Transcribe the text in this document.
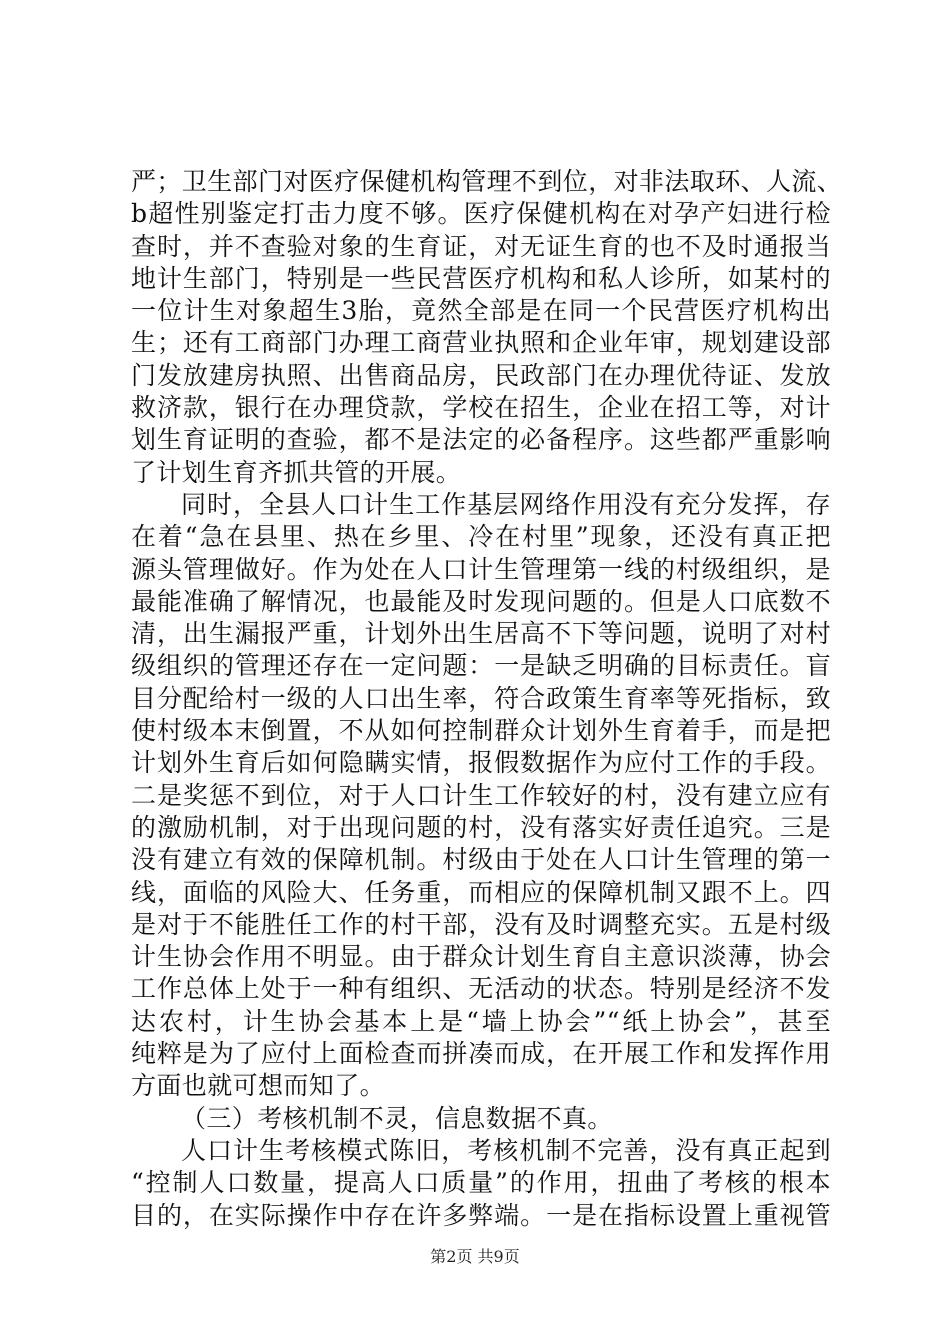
严；卫生部门对医疗保健机构管理不到位，对非法取环、人流、
b超性别鉴定打击力度不够。医疗保健机构在对孕产妇进行检
查时，并不查验对象的生育证，对无证生育的也不及时通报当
地计生部门，特别是一些民营医疗机构和私人诊所，如某村的
一位计生对象超生3胎，竟然全部是在同一个民营医疗机构出
生；还有工商部门办理工商营业执照和企业年审，规划建设部
门发放建房执照、出售商品房，民政部门在办理优待证、发放
救济款，银行在办理贷款，学校在招生，企业在招工等，对计
划生育证明的查验，都不是法定的必备程序。这些都严重影响
了计划生育齐抓共管的开展。
同时，全县人口计生工作基层网络作用没有充分发挥，存
在着“急在县里、热在乡里、冷在村里”现象，还没有真正把
源头管理做好。作为处在人口计生管理第一线的村级组织，是
最能准确了解情况，也最能及时发现问题的。但是人口底数不
清，出生漏报严重，计划外出生居高不下等问题，说明了对村
级组织的管理还存在一定问题：一是缺乏明确的目标责任。盲
目分配给村一级的人口出生率，符合政策生育率等死指标，致
使村级本末倒置，不从如何控制群众计划外生育着手，而是把
计划外生育后如何隐瞒实情，报假数据作为应付工作的手段。
二是奖惩不到位，对于人口计生工作较好的村，没有建立应有
的激励机制，对于出现问题的村，没有落实好责任追究。三是
没有建立有效的保障机制。村级由于处在人口计生管理的第一
线，面临的风险大、任务重，而相应的保障机制又跟不上。四
是对于不能胜任工作的村干部，没有及时调整充实。五是村级
计生协会作用不明显。由于群众计划生育自主意识淡薄，协会
工作总体上处于一种有组织、无活动的状态。特别是经济不发
达农村，计生协会基本上是“墙上协会”“纸上协会”，甚至
纯粹是为了应付上面检查而拼凑而成，在开展工作和发挥作用
方面也就可想而知了。
（三）考核机制不灵，信息数据不真。
人口计生考核模式陈旧，考核机制不完善，没有真正起到
“控制人口数量，提高人口质量”的作用，扭曲了考核的根本
目的，在实际操作中存在许多弊端。一是在指标设置上重视管
第2页 共9页
